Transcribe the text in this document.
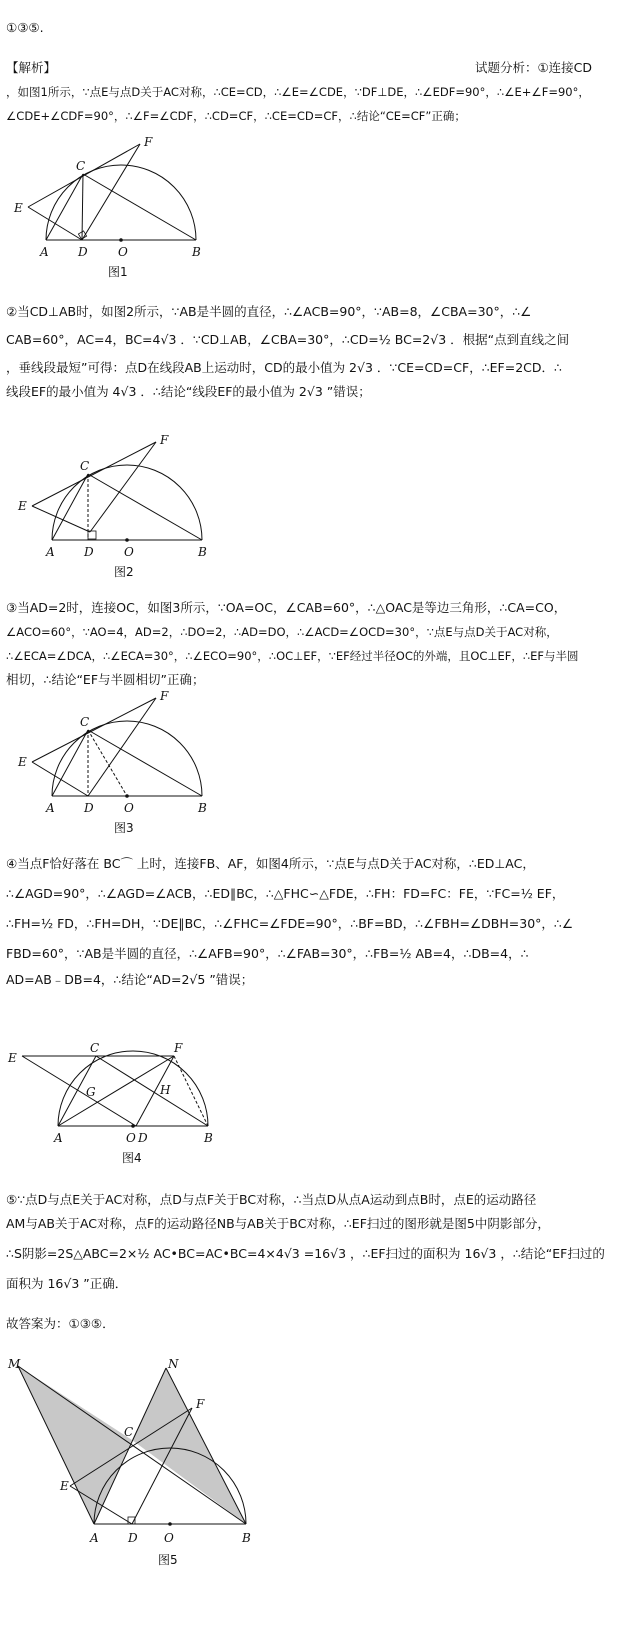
①③⑤.
【解析】	试题分析：①连接CD
，如图1所示，∵点E与点D关于AC对称，∴CE=CD，∴∠E=∠CDE，∵DF⊥DE，∴∠EDF=90°，∴∠E+∠F=90°，
∠CDE+∠CDF=90°，∴∠F=∠CDF，∴CD=CF，∴CE=CD=CF，∴结论“CE=CF”正确；
C
F
E
A D	O	B
图1
②当CD⊥AB时，如图2所示，∵AB是半圆的直径，∴∠ACB=90°，∵AB=8，∠CBA=30°，∴∠
CAB=60°，AC=4，BC=4√3 ．∵CD⊥AB，∠CBA=30°，∴CD=½ BC=2√3 ．根据“点到直线之间
，垂线段最短”可得：点D在线段AB上运动时，CD的最小值为 2√3 ．∵CE=CD=CF，∴EF=2CD．∴
线段EF的最小值为 4√3 ．∴结论“线段EF的最小值为 2√3 ”错误；
C
F
E
A D	O	B
图2
③当AD=2时，连接OC，如图3所示，∵OA=OC，∠CAB=60°，∴△OAC是等边三角形，∴CA=CO，
∠ACO=60°，∵AO=4，AD=2，∴DO=2，∴AD=DO，∴∠ACD=∠OCD=30°，∵点E与点D关于AC对称，
∴∠ECA=∠DCA，∴∠ECA=30°，∴∠ECO=90°，∴OC⊥EF，∵EF经过半径OC的外端，且OC⊥EF，∴EF与半圆
相切，∴结论“EF与半圆相切”正确；
C
F
E
A D	O	B
图3
④当点F恰好落在 BC⌒ 上时，连接FB、AF，如图4所示，∵点E与点D关于AC对称，∴ED⊥AC，
∴∠AGD=90°，∴∠AGD=∠ACB，∴ED∥BC，∴△FHC∽△FDE，∴FH：FD=FC：FE，∵FC=½ EF，
∴FH=½ FD，∴FH=DH，∵DE∥BC，∴∠FHC=∠FDE=90°，∴BF=BD，∴∠FBH=∠DBH=30°，∴∠
FBD=60°，∵AB是半圆的直径，∴∠AFB=90°，∴∠FAB=30°，∴FB=½ AB=4，∴DB=4，∴
AD=AB﹣DB=4，∴结论“AD=2√5 ”错误；
E
C	F
G	H
A	O D	B
图4
⑤∵点D与点E关于AC对称，点D与点F关于BC对称，∴当点D从点A运动到点B时，点E的运动路径
AM与AB关于AC对称，点F的运动路径NB与AB关于BC对称，∴EF扫过的图形就是图5中阴影部分，
∴S阴影=2S△ABC=2×½ AC•BC=AC•BC=4×4√3 =16√3 ，∴EF扫过的面积为 16√3 ，∴结论“EF扫过的
面积为 16√3 ”正确．
故答案为：①③⑤．
M	N
F
C
E
A D O	B
图5
